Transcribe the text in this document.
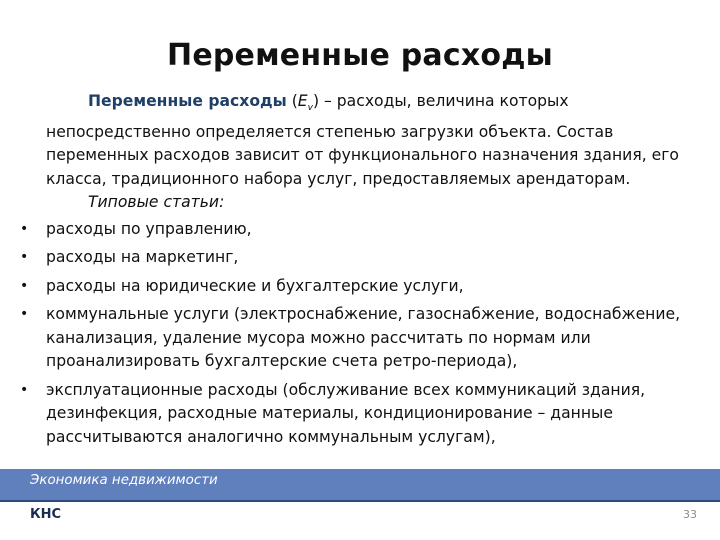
Переменные расходы

Переменные расходы $(E_v)$ – расходы, величина которых непосредственно определяется степенью загрузки объекта. Состав переменных расходов зависит от функционального назначения здания, его класса, традиционного набора услуг, предоставляемых арендаторам.

Типовые статьи:

• расходы по управлению,
• расходы на маркетинг,
• расходы на юридические и бухгалтерские услуги,
• коммунальные услуги (электроснабжение, газоснабжение, водоснабжение, канализация, удаление мусора можно рассчитать по нормам или проанализировать бухгалтерские счета ретро-периода),
• эксплуатационные расходы (обслуживание всех коммуникаций здания, дезинфекция, расходные материалы, кондиционирование – данные рассчитываются аналогично коммунальным услугам),
Экономика недвижимости
КНС	33
